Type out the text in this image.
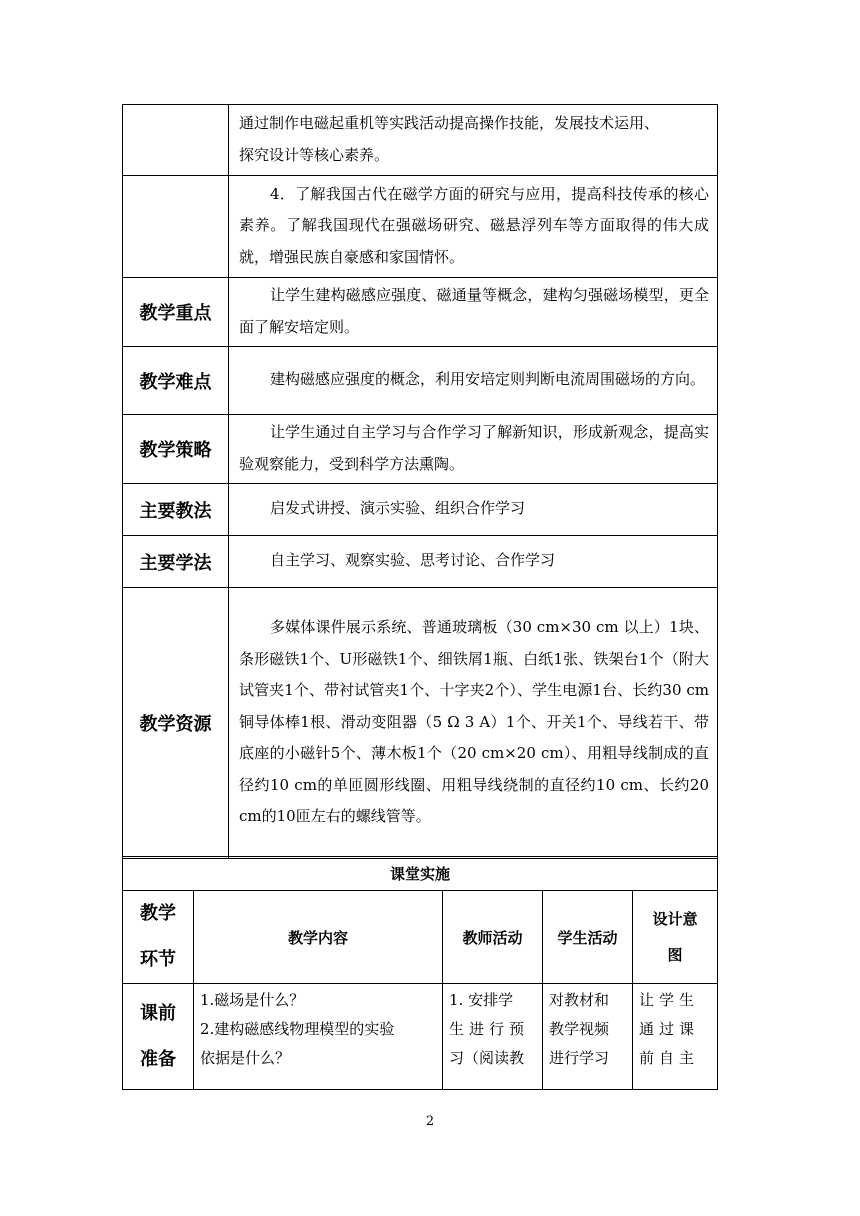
	通过制作电磁起重机等实践活动提高操作技能，发展技术运用、
探究设计等核心素养。

	4．了解我国古代在磁学方面的研究与应用，提高科技传承的核心素养。了解我国现代在强磁场研究、磁悬浮列车等方面取得的伟大成就，增强民族自豪感和家国情怀。
教学重点	让学生建构磁感应强度、磁通量等概念，建构匀强磁场模型，更全面了解安培定则。
教学难点	建构磁感应强度的概念，利用安培定则判断电流周围磁场的方向。
教学策略	让学生通过自主学习与合作学习了解新知识，形成新观念，提高实验观察能力，受到科学方法熏陶。
主要教法	启发式讲授、演示实验、组织合作学习
主要学法	自主学习、观察实验、思考讨论、合作学习
教学资源	多媒体课件展示系统、普通玻璃板（30 cm×30 cm 以上）1块、条形磁铁1个、U形磁铁1个、细铁屑1瓶、白纸1张、铁架台1个（附大试管夹1个、带衬试管夹1个、十字夹2个）、学生电源1台、长约30 cm铜导体棒1根、滑动变阻器（5 Ω 3 A）1个、开关1个、导线若干、带底座的小磁针5个、薄木板1个（20 cm×20 cm）、用粗导线制成的直径约10 cm的单匝圆形线圈、用粗导线绕制的直径约10 cm、长约20 cm的10匝左右的螺线管等。
课堂实施				

教学
环节	教学内容	教师活动	学生活动	设计意
图

课前
准备	1.磁场是什么？
2.建构磁感线物理模型的实验
依据是什么？	1. 安排学
生进行预
习（阅读教	对教材和
教学视频
进行学习	让学生
通过课
前自主
2
